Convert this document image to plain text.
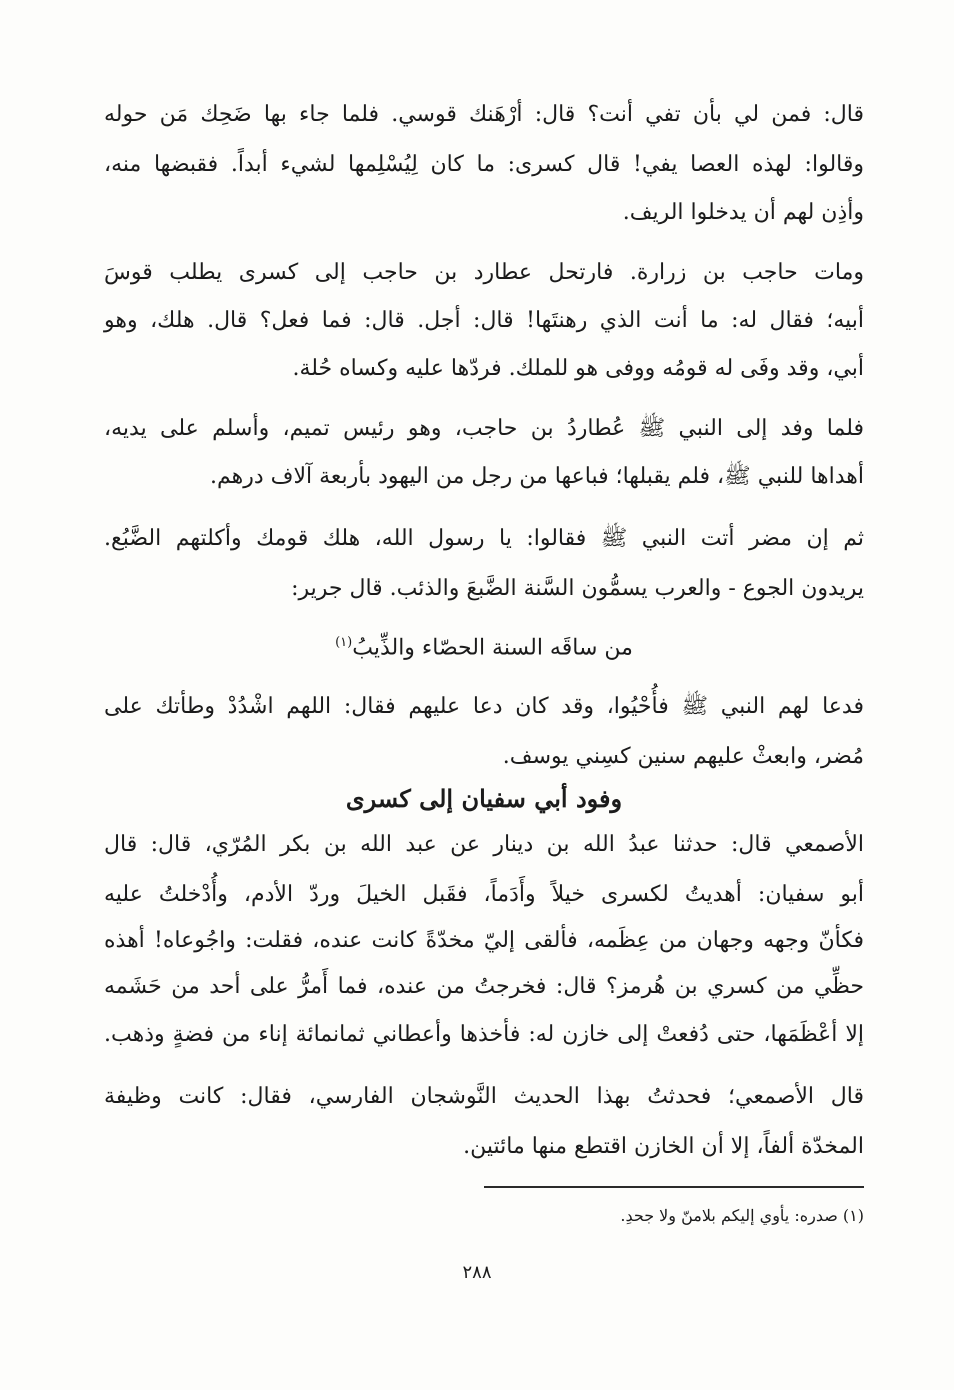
قال: فمن لي بأن تفي أنت؟ قال: أرْهَنك قوسي. فلما جاء بها ضَحِك مَن حوله
وقالوا: لهذه العصا يفي! قال كسرى: ما كان لِيُسْلِمها لشيء أبداً. فقبضها منه،
وأذِن لهم أن يدخلوا الريف.
ومات حاجب بن زرارة. فارتحل عطارد بن حاجب إلى كسرى يطلب قوسَ
أبيه؛ فقال له: ما أنت الذي رهنتَها! قال: أجل. قال: فما فعل؟ قال. هلك، وهو
أبي، وقد وفَى له قومُه ووفى هو للملك. فردّها عليه وكساه حُلة.
فلما وفد إلى النبي ﷺ عُطاردُ بن حاجب، وهو رئيس تميم، وأسلم على يديه،
أهداها للنبي ﷺ، فلم يقبلها؛ فباعها من رجل من اليهود بأربعة آلاف درهم.
ثم إن مضر أتت النبي ﷺ فقالوا: يا رسول الله، هلك قومك وأكلتهم الضَّبُع.
يريدون الجوع - والعرب يسمُّون السَّنة الضَّبعَ والذئب. قال جرير:
من ساقَه السنة الحصّاء والذِّيبُ$^{(١)}$
فدعا لهم النبي ﷺ فأُحْيُوا، وقد كان دعا عليهم فقال: اللهم اشْدُدْ وطأتك على
مُضر، وابعثْ عليهم سنين كسِني يوسف.
وفود أبي سفيان إلى كسرى
الأصمعي قال: حدثنا عبدُ الله بن دينار عن عبد الله بن بكر المُرّي، قال: قال
أبو سفيان: أهديتُ لكسرى خيلاً وأَدَماً، فقَبل الخيلَ وردّ الأدم، وأُدْخلتُ عليه
فكأنّ وجهه وجهان من عِظَمه، فألقى إليّ مخدّةً كانت عنده، فقلت: واجُوعاه! أهذه
حظِّي من كسري بن هُرمز؟ قال: فخرجتُ من عنده، فما أَمرُّ على أحد من حَشَمه
إلا أعْظَمَها، حتى دُفعتْ إلى خازن له: فأخذها وأعطاني ثمانمائة إناء من فضةٍ وذهب.
قال الأصمعي؛ فحدثتُ بهذا الحديث النَّوشجان الفارسي، فقال: كانت وظيفة
المخدّة ألفاً، إلا أن الخازن اقتطع منها مائتين.
(١) صدره: يأوي إليكم بلامنّ ولا جحدِ.
٢٨٨
